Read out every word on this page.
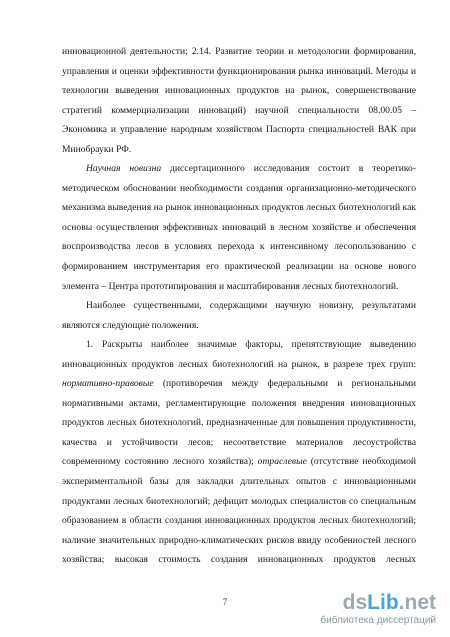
инновационной деятельности; 2.14. Развитие теории и методологии формирования, управления и оценки эффективности функционирования рынка инноваций. Методы и технологии выведения инновационных продуктов на рынок, совершенствование стратегий коммерциализации инноваций) научной специальности 08.00.05 – Экономика и управление народным хозяйством Паспорта специальностей ВАК при Минобрауки РФ.

Научная новизна диссертационного исследования состоит в теоретико-методическом обосновании необходимости создания организационно-методического механизма выведения на рынок инновационных продуктов лесных биотехнологий как основы осуществления эффективных инноваций в лесном хозяйстве и обеспечения воспроизводства лесов в условиях перехода к интенсивному лесопользованию с формированием инструментария его практической реализации на основе нового элемента – Центра прототипирования и масштабирования лесных биотехнологий.

Наиболее существенными, содержащими научную новизну, результатами являются следующие положения.

1. Раскрыты наиболее значимые факторы, препятствующие выведению инновационных продуктов лесных биотехнологий на рынок, в разрезе трех групп: нормативно-правовые (противоречия между федеральными и региональными нормативными актами, регламентирующие положения внедрения инновационных продуктов лесных биотехнологий, предназначенные для повышения продуктивности, качества и устойчивости лесов; несоответствие материалов лесоустройства современному состоянию лесного хозяйства); отраслевые (отсутствие необходимой экспериментальной базы для закладки длительных опытов с инновационными продуктами лесных биотехнологий; дефицит молодых специалистов со специальным образованием в области создания инновационных продуктов лесных биотехнологий; наличие значительных природно-климатических рисков ввиду особенностей лесного хозяйства; высокая стоимость создания инновационных продуктов лесных

7	dsLib.net
библиотека диссертаций
